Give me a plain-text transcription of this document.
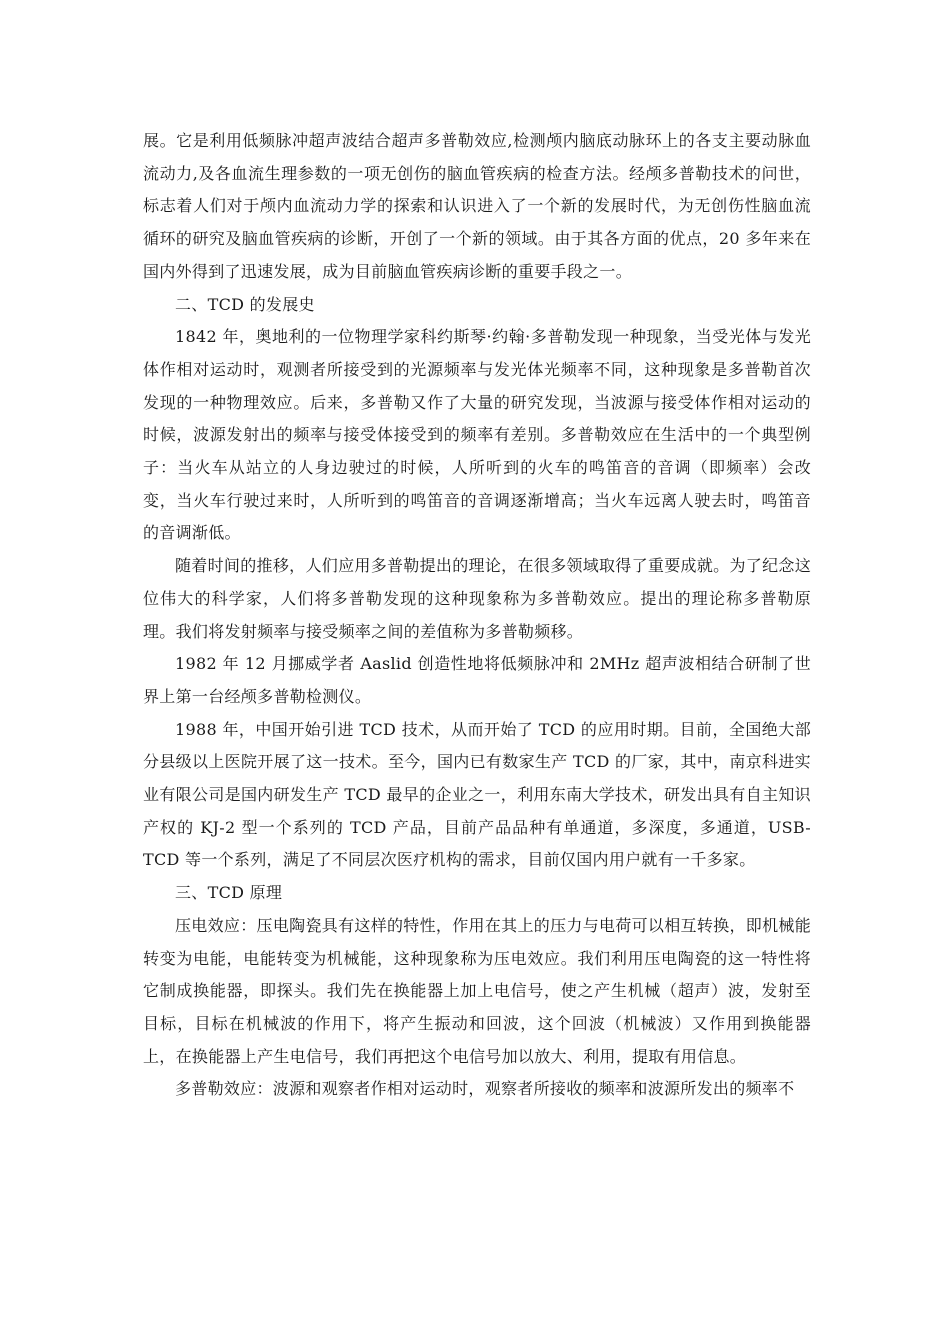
展。它是利用低频脉冲超声波结合超声多普勒效应,检测颅内脑底动脉环上的各支主要动脉血流动力,及各血流生理参数的一项无创伤的脑血管疾病的检查方法。经颅多普勒技术的问世，标志着人们对于颅内血流动力学的探索和认识进入了一个新的发展时代，为无创伤性脑血流循环的研究及脑血管疾病的诊断，开创了一个新的领域。由于其各方面的优点，20 多年来在国内外得到了迅速发展，成为目前脑血管疾病诊断的重要手段之一。

二、TCD 的发展史

1842 年，奥地利的一位物理学家科约斯琴·约翰·多普勒发现一种现象，当受光体与发光体作相对运动时，观测者所接受到的光源频率与发光体光频率不同，这种现象是多普勒首次发现的一种物理效应。后来，多普勒又作了大量的研究发现，当波源与接受体作相对运动的时候，波源发射出的频率与接受体接受到的频率有差别。多普勒效应在生活中的一个典型例子：当火车从站立的人身边驶过的时候，人所听到的火车的鸣笛音的音调（即频率）会改变，当火车行驶过来时，人所听到的鸣笛音的音调逐渐增高；当火车远离人驶去时，鸣笛音的音调渐低。

随着时间的推移，人们应用多普勒提出的理论，在很多领域取得了重要成就。为了纪念这位伟大的科学家，人们将多普勒发现的这种现象称为多普勒效应。提出的理论称多普勒原理。我们将发射频率与接受频率之间的差值称为多普勒频移。

1982 年 12 月挪威学者 Aaslid 创造性地将低频脉冲和 2MHz 超声波相结合研制了世界上第一台经颅多普勒检测仪。

1988 年，中国开始引进 TCD 技术，从而开始了 TCD 的应用时期。目前，全国绝大部分县级以上医院开展了这一技术。至今，国内已有数家生产 TCD 的厂家，其中，南京科进实业有限公司是国内研发生产 TCD 最早的企业之一，利用东南大学技术，研发出具有自主知识产权的 KJ-2 型一个系列的 TCD 产品，目前产品品种有单通道，多深度，多通道，USB-TCD 等一个系列，满足了不同层次医疗机构的需求，目前仅国内用户就有一千多家。

三、TCD 原理

压电效应：压电陶瓷具有这样的特性，作用在其上的压力与电荷可以相互转换，即机械能转变为电能，电能转变为机械能，这种现象称为压电效应。我们利用压电陶瓷的这一特性将它制成换能器，即探头。我们先在换能器上加上电信号，使之产生机械（超声）波，发射至目标，目标在机械波的作用下，将产生振动和回波，这个回波（机械波）又作用到换能器上，在换能器上产生电信号，我们再把这个电信号加以放大、利用，提取有用信息。

多普勒效应：波源和观察者作相对运动时，观察者所接收的频率和波源所发出的频率不
